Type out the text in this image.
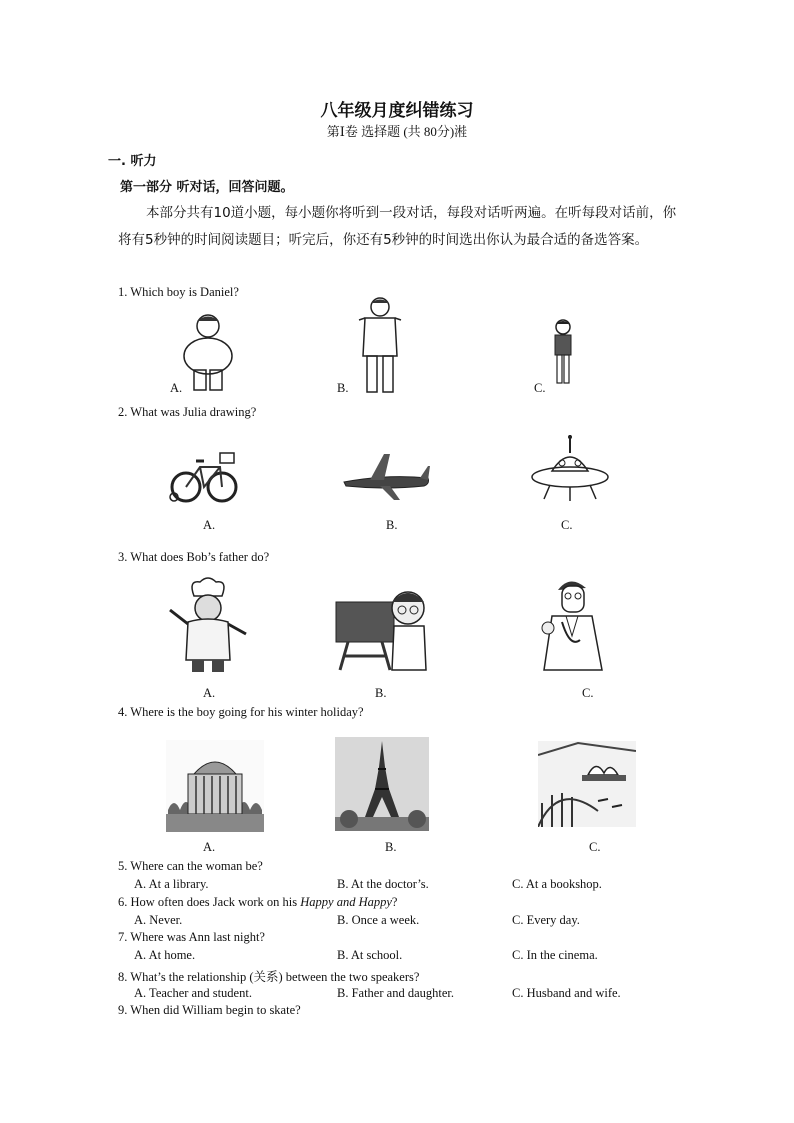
八年级月度纠错练习
第Ⅰ卷 选择题 (共 80分)溎
一. 听力
第一部分 听对话，回答问题。
本部分共有10道小题，每小题你将听到一段对话，每段对话听两遍。在听每段对话前，你将有5秒钟的时间阅读题目；听完后，你还有5秒钟的时间选出你认为最合适的备选答案。
1. Which boy is Daniel?
A.	B.	C.
2. What was Julia drawing?
A.	B.	C.
3. What does Bob’s father do?
A.	B.	C.
4. Where is the boy going for his winter holiday?
A.	B.	C.
5. Where can the woman be?
A. At a library.	B. At the doctor’s.	C. At a bookshop.
6. How often does Jack work on his Happy and Happy?
A. Never.	B. Once a week.	C. Every day.
7. Where was Ann last night?
A. At home.	B. At school.	C. In the cinema.
8. What’s the relationship (关系) between the two speakers?
A. Teacher and student.	B. Father and daughter.	C. Husband and wife.
9. When did William begin to skate?
